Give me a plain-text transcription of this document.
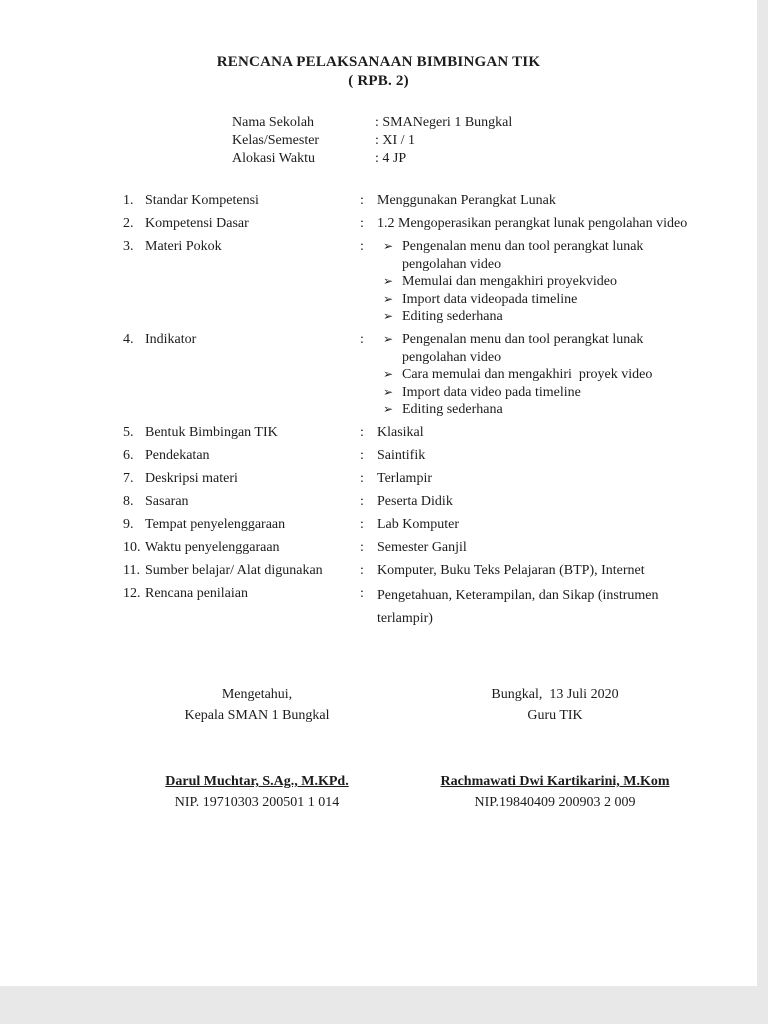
RENCANA PELAKSANAAN BIMBINGAN TIK
( RPB. 2)
Nama Sekolah	: SMANegeri 1 Bungkal
Kelas/Semester	: XI / 1
Alokasi Waktu	: 4 JP
1. Standar Kompetensi	: Menggunakan Perangkat Lunak
2. Kompetensi Dasar	: 1.2 Mengoperasikan perangkat lunak pengolahan video
3. Materi Pokok	:	➢ Pengenalan menu dan tool perangkat lunak pengolahan video
➢ Memulai dan mengakhiri proyekvideo
➢ Import data videopada timeline
➢ Editing sederhana
4. Indikator	:	➢ Pengenalan menu dan tool perangkat lunak pengolahan video
➢ Cara memulai dan mengakhiri  proyek video
➢ Import data video pada timeline
➢ Editing sederhana
5. Bentuk Bimbingan TIK	: Klasikal
6. Pendekatan	: Saintifik
7. Deskripsi materi	: Terlampir
8. Sasaran	: Peserta Didik
9. Tempat penyelenggaraan	: Lab Komputer
10. Waktu penyelenggaraan	: Semester Ganjil
11. Sumber belajar/ Alat digunakan	: Komputer, Buku Teks Pelajaran (BTP), Internet
12. Rencana penilaian	: Pengetahuan, Keterampilan, dan Sikap (instrumen terlampir)
Mengetahui,
Kepala SMAN 1 Bungkal
Darul Muchtar, S.Ag., M.KPd.
NIP. 19710303 200501 1 014
Bungkal,  13 Juli 2020
Guru TIK
Rachmawati Dwi Kartikarini, M.Kom
NIP.19840409 200903 2 009
